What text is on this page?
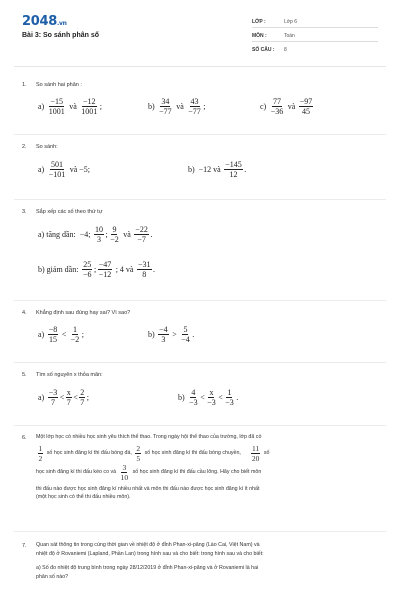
2048.vn
Bài 3: So sánh phân số
LỚP :	Lớp 6
MÔN :	Toán
SỐ CÂU : 8
1.	So sánh hai phân :
$a) \frac{-15}{1001}$ và $\frac{-12}{1001}$ ;	$b) \frac{34}{-77}$ và $\frac{43}{-77}$ ;	$c) \frac{77}{-36}$ và $\frac{-97}{45}$
2.	So sánh:
$a) \frac{501}{-101}$ và −5;	b) −12 và $\frac{-145}{12}$ .
3.	Sắp xếp các số theo thứ tự
a) tăng dần: −4; $\frac{10}{3}$ ; $\frac{9}{-2}$ và $\frac{-22}{-7}$ .
b) giảm dần: $\frac{25}{-6}$ ; $\frac{-47}{-12}$ ; 4 và $\frac{-31}{8}$ .
4.	Khẳng định sau đúng hay sai? Vì sao?
$a) \frac{-8}{15} < \frac{1}{-2}$ ;	$b) \frac{-4}{3} > \frac{5}{-4}$ .
5.	Tìm số nguyên x thỏa mãn:
$a) \frac{-3}{7} < \frac{x}{7} < \frac{2}{7}$ ;	$b) \frac{4}{-3} < \frac{x}{-3} < \frac{1}{-3}$ .
6.	Một lớp học có nhiều học sinh yêu thích thể thao. Trong ngày hội thể thao của trường, lớp đã có
$\frac{1}{2}$ số học sinh đăng kí thi đấu bóng đá, $\frac{2}{5}$ số học sinh đăng kí thi đấu bóng chuyền, $\frac{11}{20}$ số
học sinh đăng kí thi đấu kéo co và $\frac{3}{10}$ số học sinh đăng kí thi đấu cầu lông. Hãy cho biết môn
thi đấu nào được học sinh đăng kí nhiều nhất và môn thi đấu nào được học sinh đăng kí ít nhất
(một học sinh có thể thi đấu nhiều môn).
7.	Quan sát thông tin trong cùng thời gian về nhiệt độ ở đỉnh Phan-xi-păng (Lào Cai, Việt Nam) và
nhiệt độ ở Rovaniemi (Lapland, Phần Lan) trong hình sau và cho biết: trong hình sau và cho biết:
a) Số đo nhiệt độ trung bình trong ngày 28/12/2019 ở đỉnh Phan-xi-păng và ở Rovaniemi là hai
phân số nào?
